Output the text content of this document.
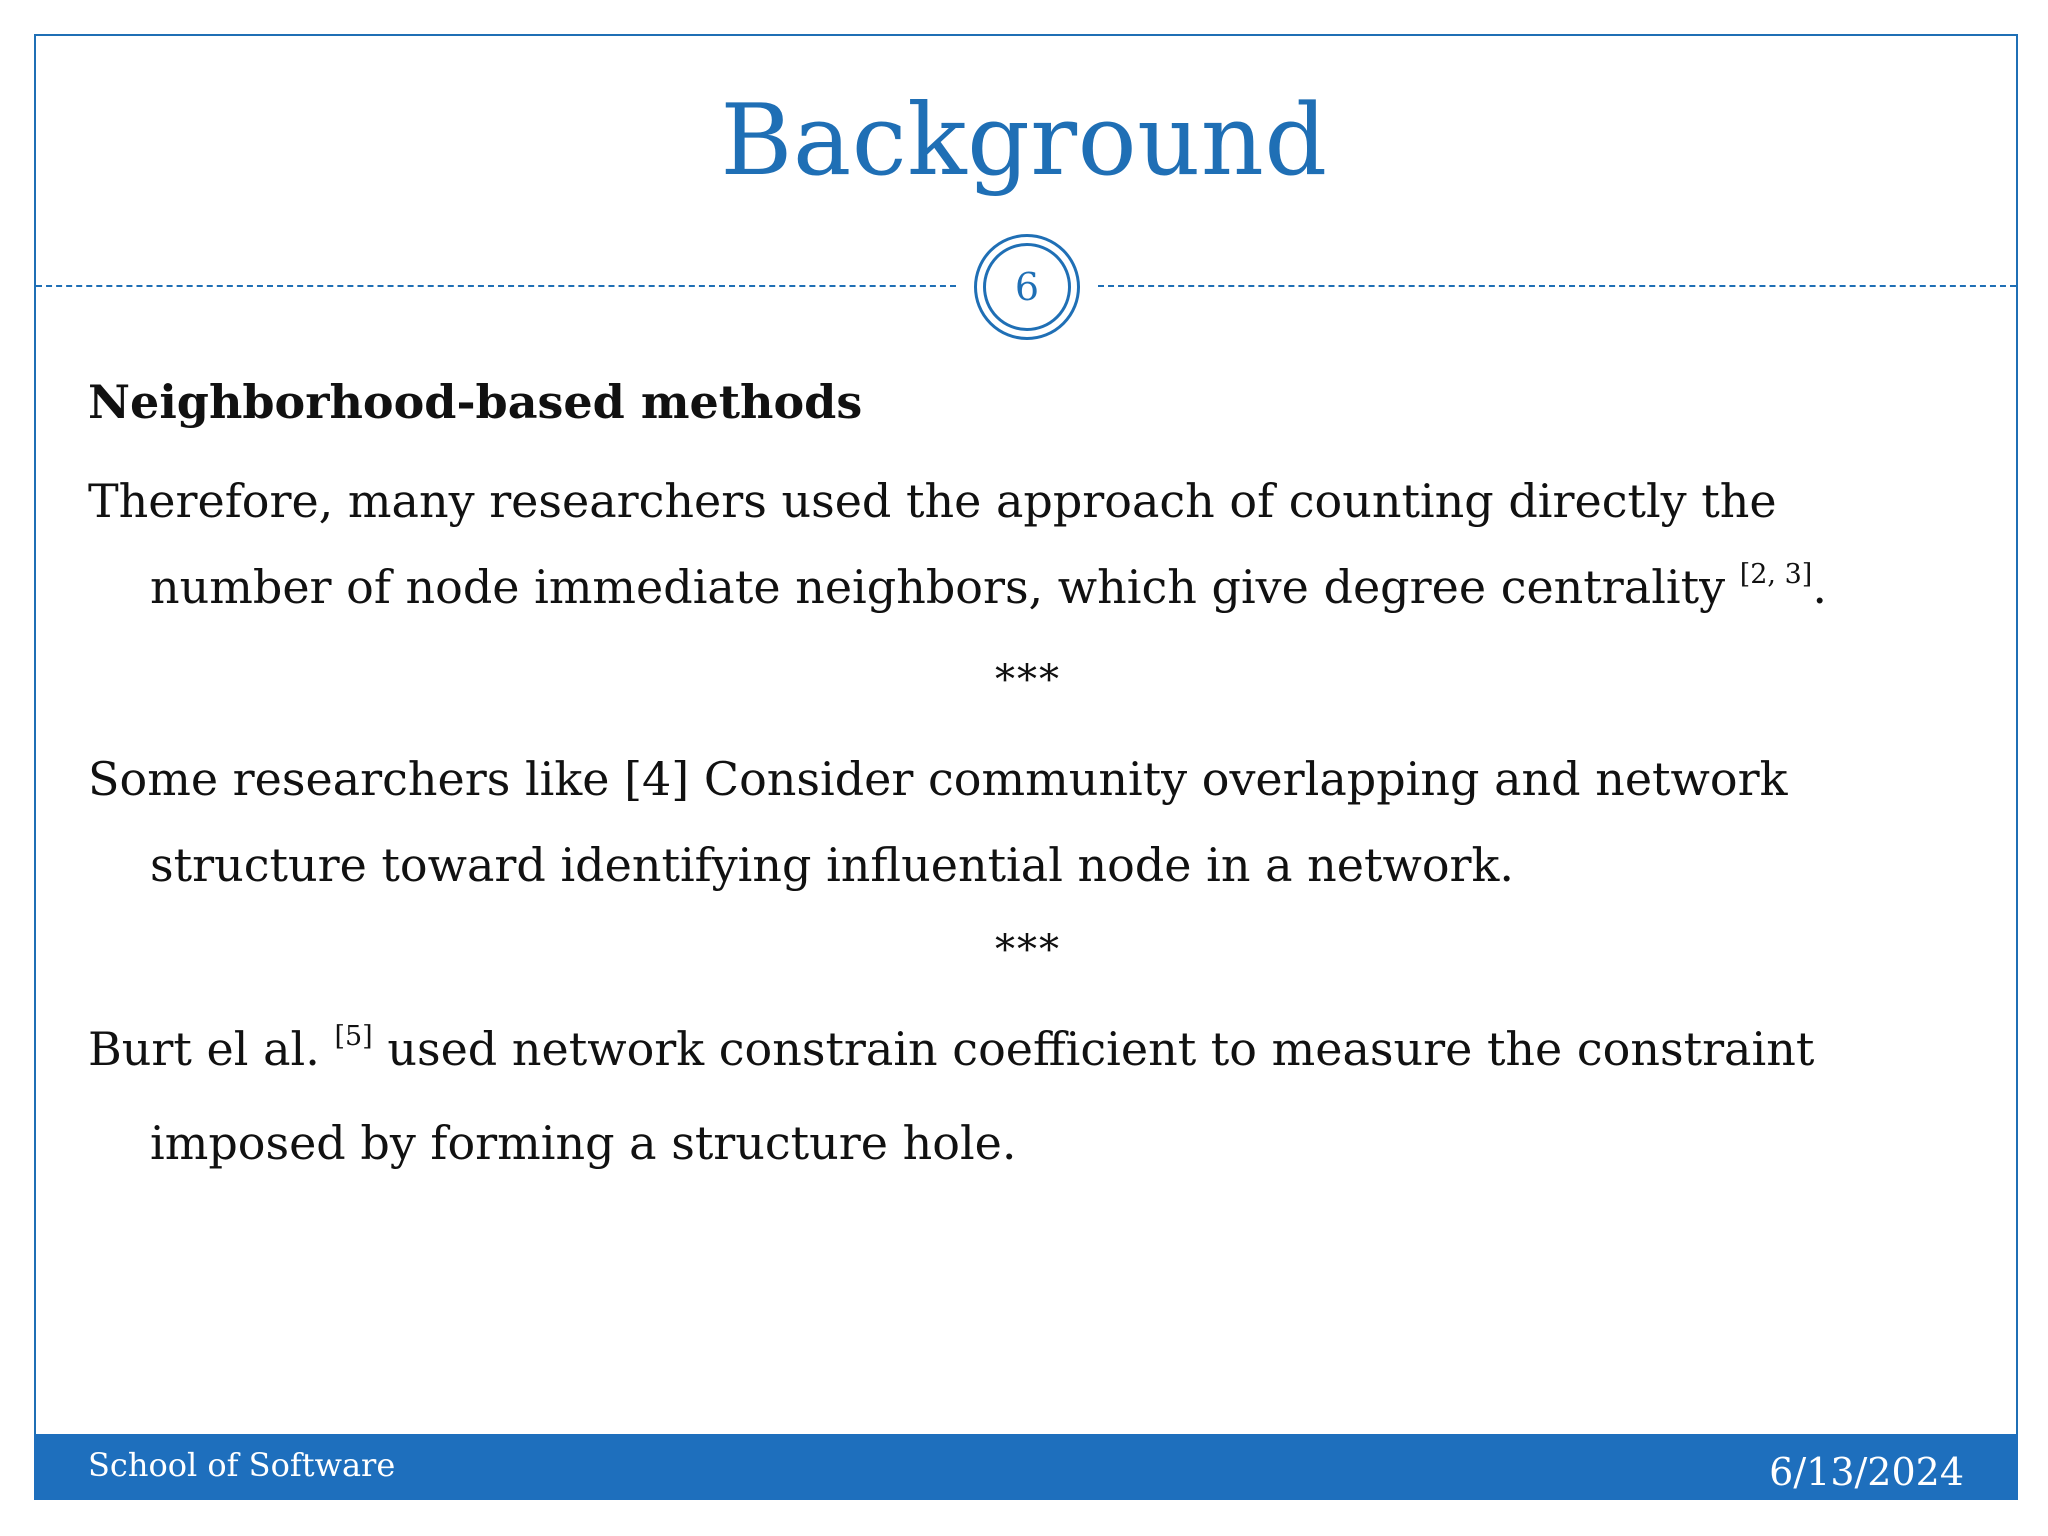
Background
6

Neighborhood-based methods

Therefore, many researchers used the approach of counting directly the number of node immediate neighbors, which give degree centrality [2, 3].

***

Some researchers like [4] Consider community overlapping and network structure toward identifying influential node in a network.

***

Burt el al. [5] used network constrain coefficient to measure the constraint imposed by forming a structure hole.

School of Software	6/13/2024
